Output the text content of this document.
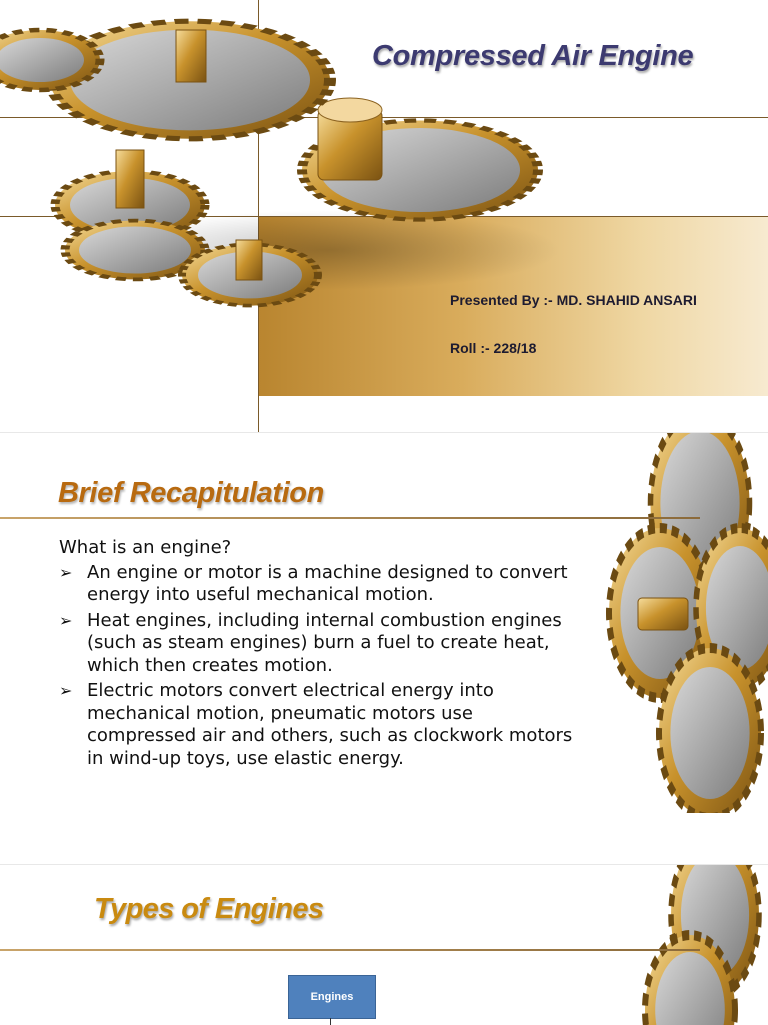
Compressed Air Engine
Presented By :- MD. SHAHID ANSARI
Roll :- 228/18
Brief Recapitulation
What is an engine?
➢ An engine or motor is a machine designed to convert energy into useful mechanical motion.
➢ Heat engines, including internal combustion engines (such as steam engines) burn a fuel to create heat, which then creates motion.
➢ Electric motors convert electrical energy into mechanical motion, pneumatic motors use compressed air and others, such as clockwork motors in wind-up toys, use elastic energy.
Types of Engines
Engines
